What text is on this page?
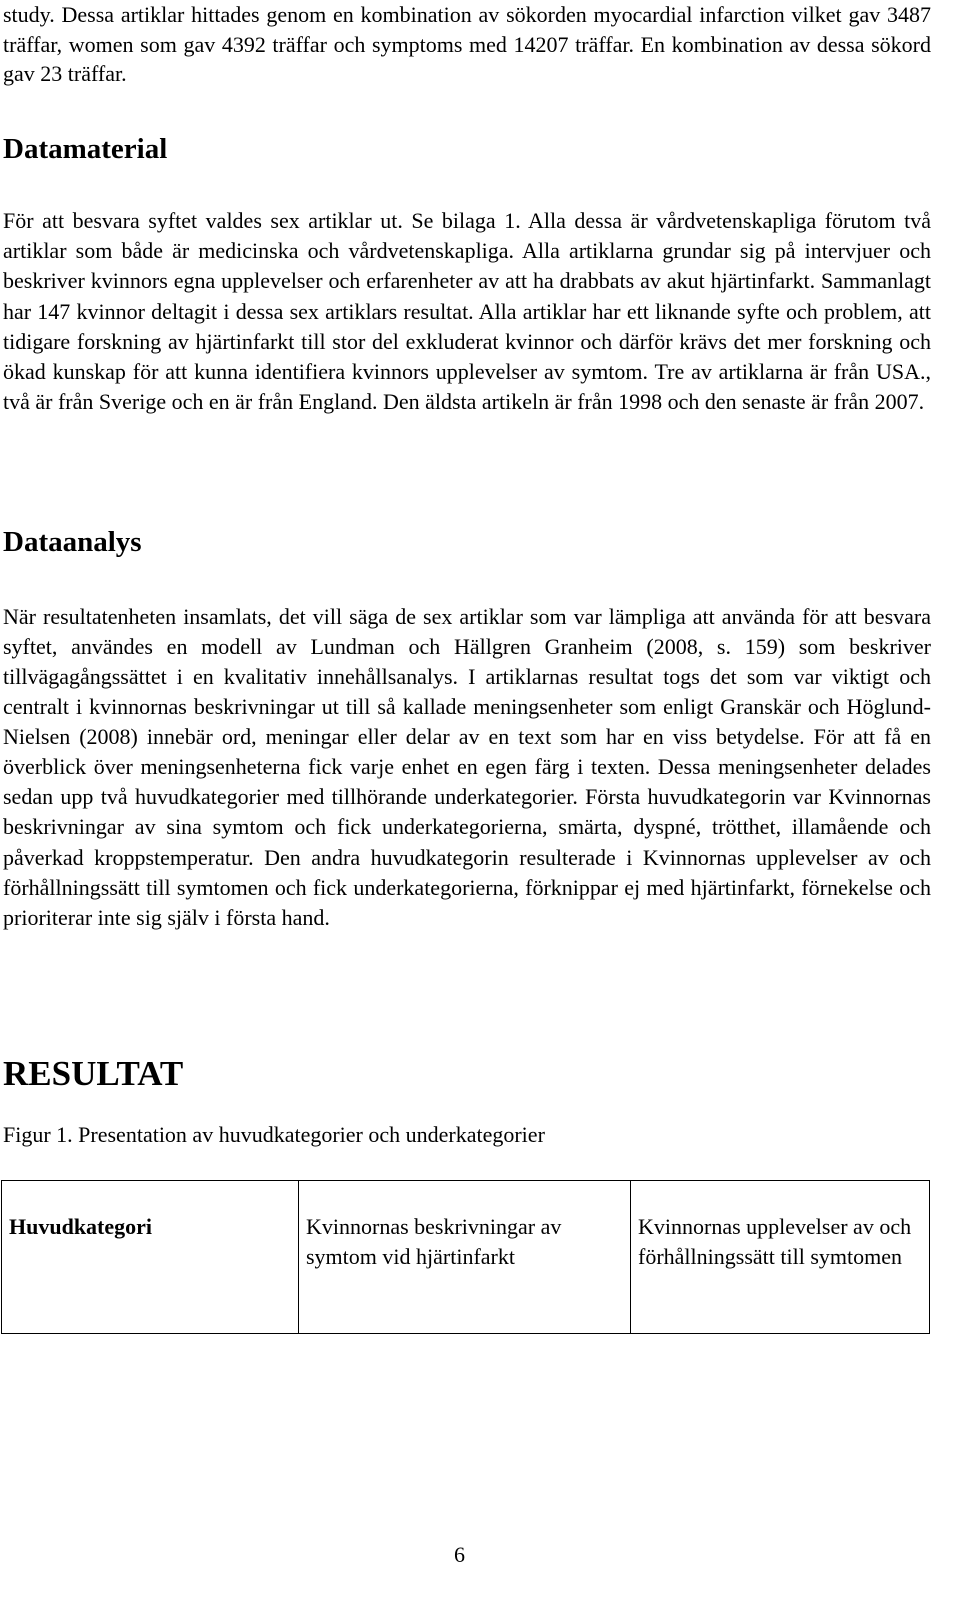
study. Dessa artiklar hittades genom en kombination av sökorden myocardial infarction vilket gav 3487 träffar, women som gav 4392 träffar och symptoms med 14207 träffar. En kombination av dessa sökord gav 23 träffar.

Datamaterial

För att besvara syftet valdes sex artiklar ut. Se bilaga 1. Alla dessa är vårdvetenskapliga förutom två artiklar som både är medicinska och vårdvetenskapliga. Alla artiklarna grundar sig på intervjuer och beskriver kvinnors egna upplevelser och erfarenheter av att ha drabbats av akut hjärtinfarkt. Sammanlagt har 147 kvinnor deltagit i dessa sex artiklars resultat. Alla artiklar har ett liknande syfte och problem, att tidigare forskning av hjärtinfarkt till stor del exkluderat kvinnor och därför krävs det mer forskning och ökad kunskap för att kunna identifiera kvinnors upplevelser av symtom. Tre av artiklarna är från USA., två är från Sverige och en är från England. Den äldsta artikeln är från 1998 och den senaste är från 2007.

Dataanalys

När resultatenheten insamlats, det vill säga de sex artiklar som var lämpliga att använda för att besvara syftet, användes en modell av Lundman och Hällgren Granheim (2008, s. 159) som beskriver tillvägagångssättet i en kvalitativ innehållsanalys. I artiklarnas resultat togs det som var viktigt och centralt i kvinnornas beskrivningar ut till så kallade meningsenheter som enligt Granskär och Höglund-Nielsen (2008) innebär ord, meningar eller delar av en text som har en viss betydelse. För att få en överblick över meningsenheterna fick varje enhet en egen färg i texten. Dessa meningsenheter delades sedan upp två huvudkategorier med tillhörande underkategorier. Första huvudkategorin var Kvinnornas beskrivningar av sina symtom och fick underkategorierna, smärta, dyspné, trötthet, illamående och påverkad kroppstemperatur. Den andra huvudkategorin resulterade i Kvinnornas upplevelser av och förhållningssätt till symtomen och fick underkategorierna, förknippar ej med hjärtinfarkt, förnekelse och prioriterar inte sig själv i första hand.

RESULTAT

Figur 1. Presentation av huvudkategorier och underkategorier

Huvudkategori	Kvinnornas beskrivningar av symtom vid hjärtinfarkt	Kvinnornas upplevelser av och förhållningssätt till symtomen
6
